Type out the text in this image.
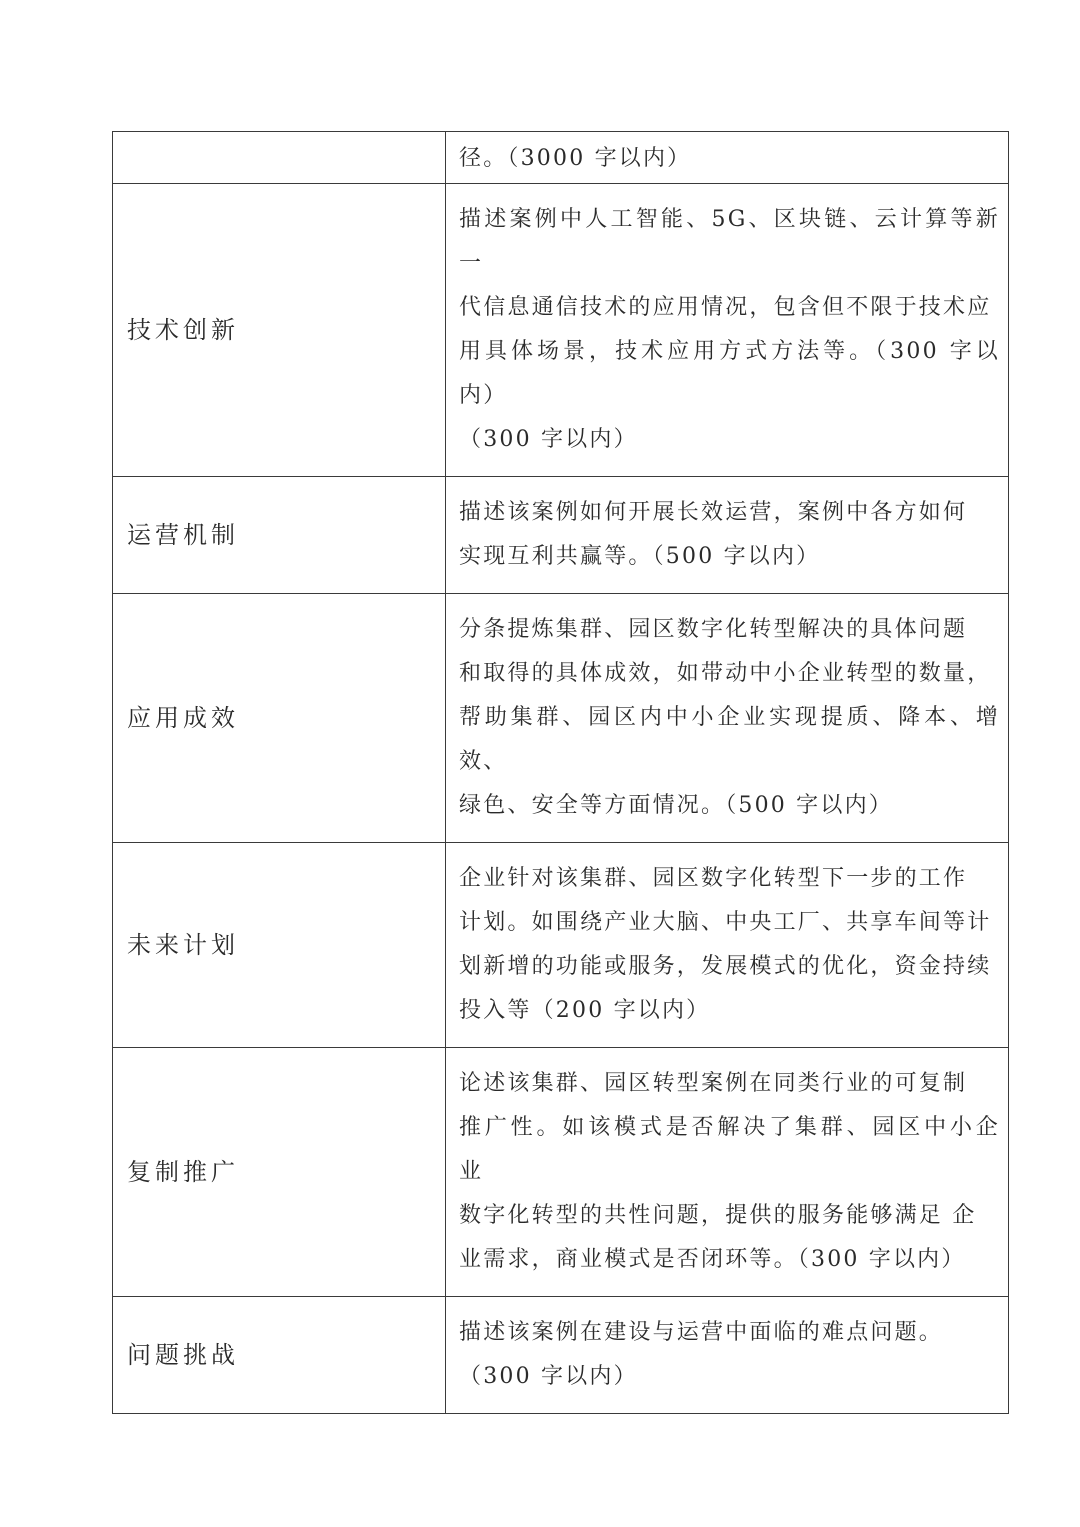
	径。（3000 字以内）

技术创新	描述案例中人工智能、5G、区块链、云计算等新一
代信息通信技术的应用情况，包含但不限于技术应
用具体场景，技术应用方式方法等。（300 字以内）
（300 字以内）

运营机制	描述该案例如何开展长效运营，案例中各方如何
实现互利共赢等。（500 字以内）

应用成效	分条提炼集群、园区数字化转型解决的具体问题
和取得的具体成效，如带动中小企业转型的数量，
帮助集群、园区内中小企业实现提质、降本、增效、
绿色、安全等方面情况。（500 字以内）

未来计划	企业针对该集群、园区数字化转型下一步的工作
计划。如围绕产业大脑、中央工厂、共享车间等计
划新增的功能或服务，发展模式的优化，资金持续
投入等（200 字以内）

复制推广	论述该集群、园区转型案例在同类行业的可复制
推广性。如该模式是否解决了集群、园区中小企 业
数字化转型的共性问题，提供的服务能够满足 企
业需求，商业模式是否闭环等。（300 字以内）

问题挑战	描述该案例在建设与运营中面临的难点问题。
（300 字以内）
